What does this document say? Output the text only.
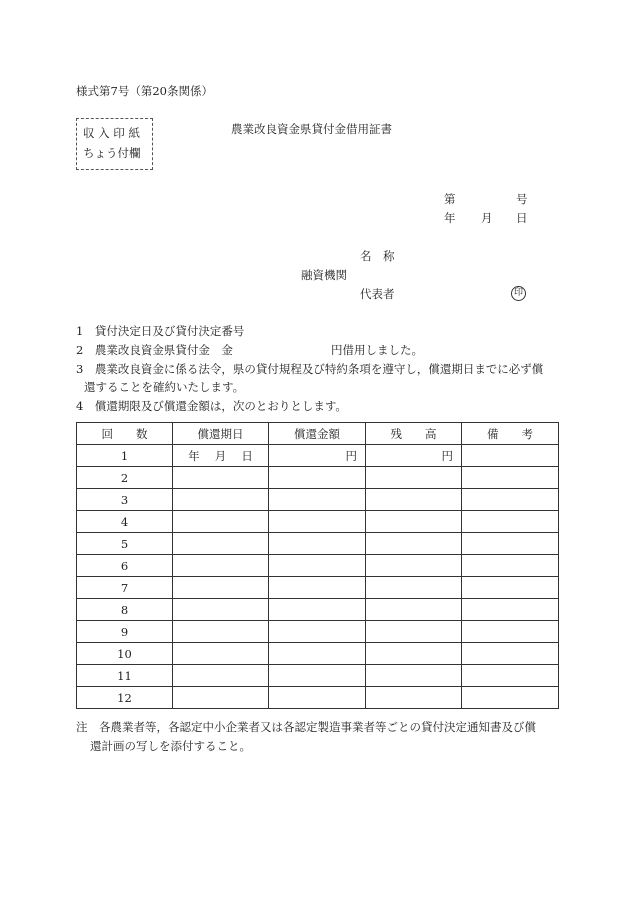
様式第7号（第20条関係）
収 入 印 紙
ちょう付欄
農業改良資金県貸付金借用証書
第	号
年 月 日
名　称
融資機関
代表者	印
1　貸付決定日及び貸付決定番号
2　農業改良資金県貸付金　金	円借用しました。
3　農業改良資金に係る法令，県の貸付規程及び特約条項を遵守し，償還期日までに必ず償
還することを確約いたします。
4　償還期限及び償還金額は，次のとおりとします。
回　　数	償還期日	償還金額	残　　高	備　　考
1	年　 月　 日	円	円	
2				
3				
4				
5				
6				
7				
8				
9				
10				
11				
12				
注　各農業者等，各認定中小企業者又は各認定製造事業者等ごとの貸付決定通知書及び償
還計画の写しを添付すること。
